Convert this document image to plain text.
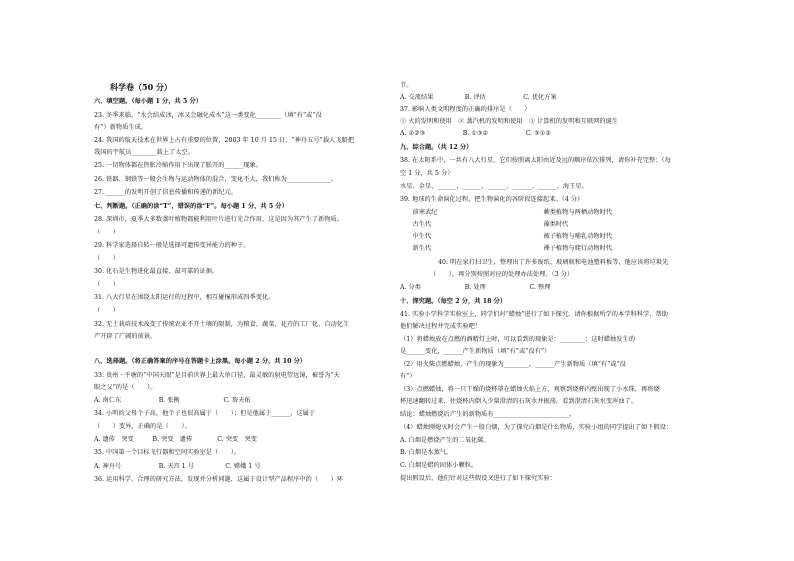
科学卷（50 分）
六、填空题。（每小题 1 分，共 5 分）
23. 冬季来临，“水会结成冰，冰又会融化成水”这一类变化________（填“有”或“没
有”）新物质生成。
24. 我国的航天技术在世界上占有重要的位置，2003 年 10 月 15 日，“神舟五号”载人飞船把
我国的宇航员________载上了太空。
25. 一切物体都在热胀冷缩作用下出现了胀开的______现象。
26. 铁器、钢铁等一般会生物与运动物体的混合，变化不大，我们称为______________。
27. ______的发明开创了信息传播和传递的新纪元。
七、判断题。（正确的涂“T”，错误的涂“F”。每小题 1 分，共 5 分）
28. 深圳市，夏季大多数蒸叶植物都能利用叶片进行光合作用，这是因为其产生了新物质。
（　　）
29. 科学家选择自转一般是选择可遗传变异能力的种子。
（　　）
30. 化石是生物进化最直接、最可靠的证据。
（　　）
31. 八大行星在围绕太阳运行的过程中，相互碰撞形成四季变化。
（　　）
32. 无土栽培技术改变了传统农业不开土壤的限制，为粮食、蔬菜、花卉的工厂化、自动化生
产开辟了广阔的前景。
八、选择题。（将正确答案的序号在答题卡上涂黑。每小题 2 分，共 10 分）
33. 贵州 · 平塘的“中国天眼”是目前世界上最大单口径、最灵敏的射电望远镜，被誉为“天
眼之父”的是（　　）。
A. 南仁东　　　　　　B. 张衡　　　　　　　C. 詹天佑
34. 小明的父母个子高，他个子也很高属于（　　）；但是他属于______，这属于
（　　）变异，正确的是（　　）。
A. 遗传　突变　　　B. 突变　遗传　　　　C. 突变　突变
35. 中国第一个目标飞行器和空间实验室是（　　）。
A. 神舟号　　　　　　B. 天宫 1 号　　　　　C. 嫦娥 1 号
36. 运用科学、合理的研究方法，发现并分析问题，这属于设计型产品程序中的（　　）环
节。
A. 交流结果　　　　　B. 评估　　　　　　C. 优化方案
37. 影响人类文明程度的正确的排序是（　　）
① 火的发明和使用　② 蒸汽机的发明和使用　③ 计算机的发明和互联网的诞生
A. ①②③　　　　　　B. ①③②　　　　　　C. ③①②
九、综合题。（共 12 分）
38. 在太阳系中，一共有八大行星，它们按照离太阳由近及远的顺序依次排列，请你补充完整：（每
空 1 分，共 5 分）
水星、金星、______、______、______、______、______、海王星。
39. 地球的生命演化过程，把生物演化的各阶段连接起来。（4 分）
　　前寒武纪　　　　　　　　　　　　　　　　　蕨类植物与两栖动物时代
　　古生代　　　　　　　　　　　　　　　　　　藻类时代
　　中生代　　　　　　　　　　　　　　　　　　被子植物与哺乳动物时代
　　新生代　　　　　　　　　　　　　　　　　　裸子植物与爬行动物时代
40. 明在家打扫卫生，整理出了许多废纸、玻璃瓶和电池塑料板等，他应该将垃圾先
（　　），再分别按照对应的处理办法处理。（3 分）
A. 分类　　　　　　　B. 处理　　　　　　　C. 整理
十、探究题。（每空 2 分，共 18 分）
41. 实验小学科学实验室上，同学们对“蜡烛”进行了如下探究，请你根据所学的本学科科学，帮助
他们解决过程并完成实验吧！
（1）将蜡烛放在点燃的酒精灯上时，可以看到的现象是：________；这时蜡烛发生的
是______变化，______产生新物质（填“有”或“没有”）
（2）用火柴点燃蜡烛，产生的现象为________，______产生新物质（填“有”或“没
有”）
（3）点燃蜡烛，将一只干燥的烧杯罩在蜡烛火焰上方，观察到烧杯内壁出现了小水珠，再将烧
杯迅速翻转过来，往烧杯内倒入少量澄清的石灰水并振荡，看到澄清石灰水变浑浊了。
结论：蜡烛燃烧后产生的新物质有________________________。
（4）蜡烛刚熄灭时会产生一股白烟，为了探究白烟是什么物质，实验小组的同学提出了如下假设：
A. 白烟是燃烧产生的二氧化碳。
B. 白烟是水蒸气。
C. 白烟是蜡的固体小颗粒。
提出假设后，他们针对这些假设又进行了如下探究实验：
